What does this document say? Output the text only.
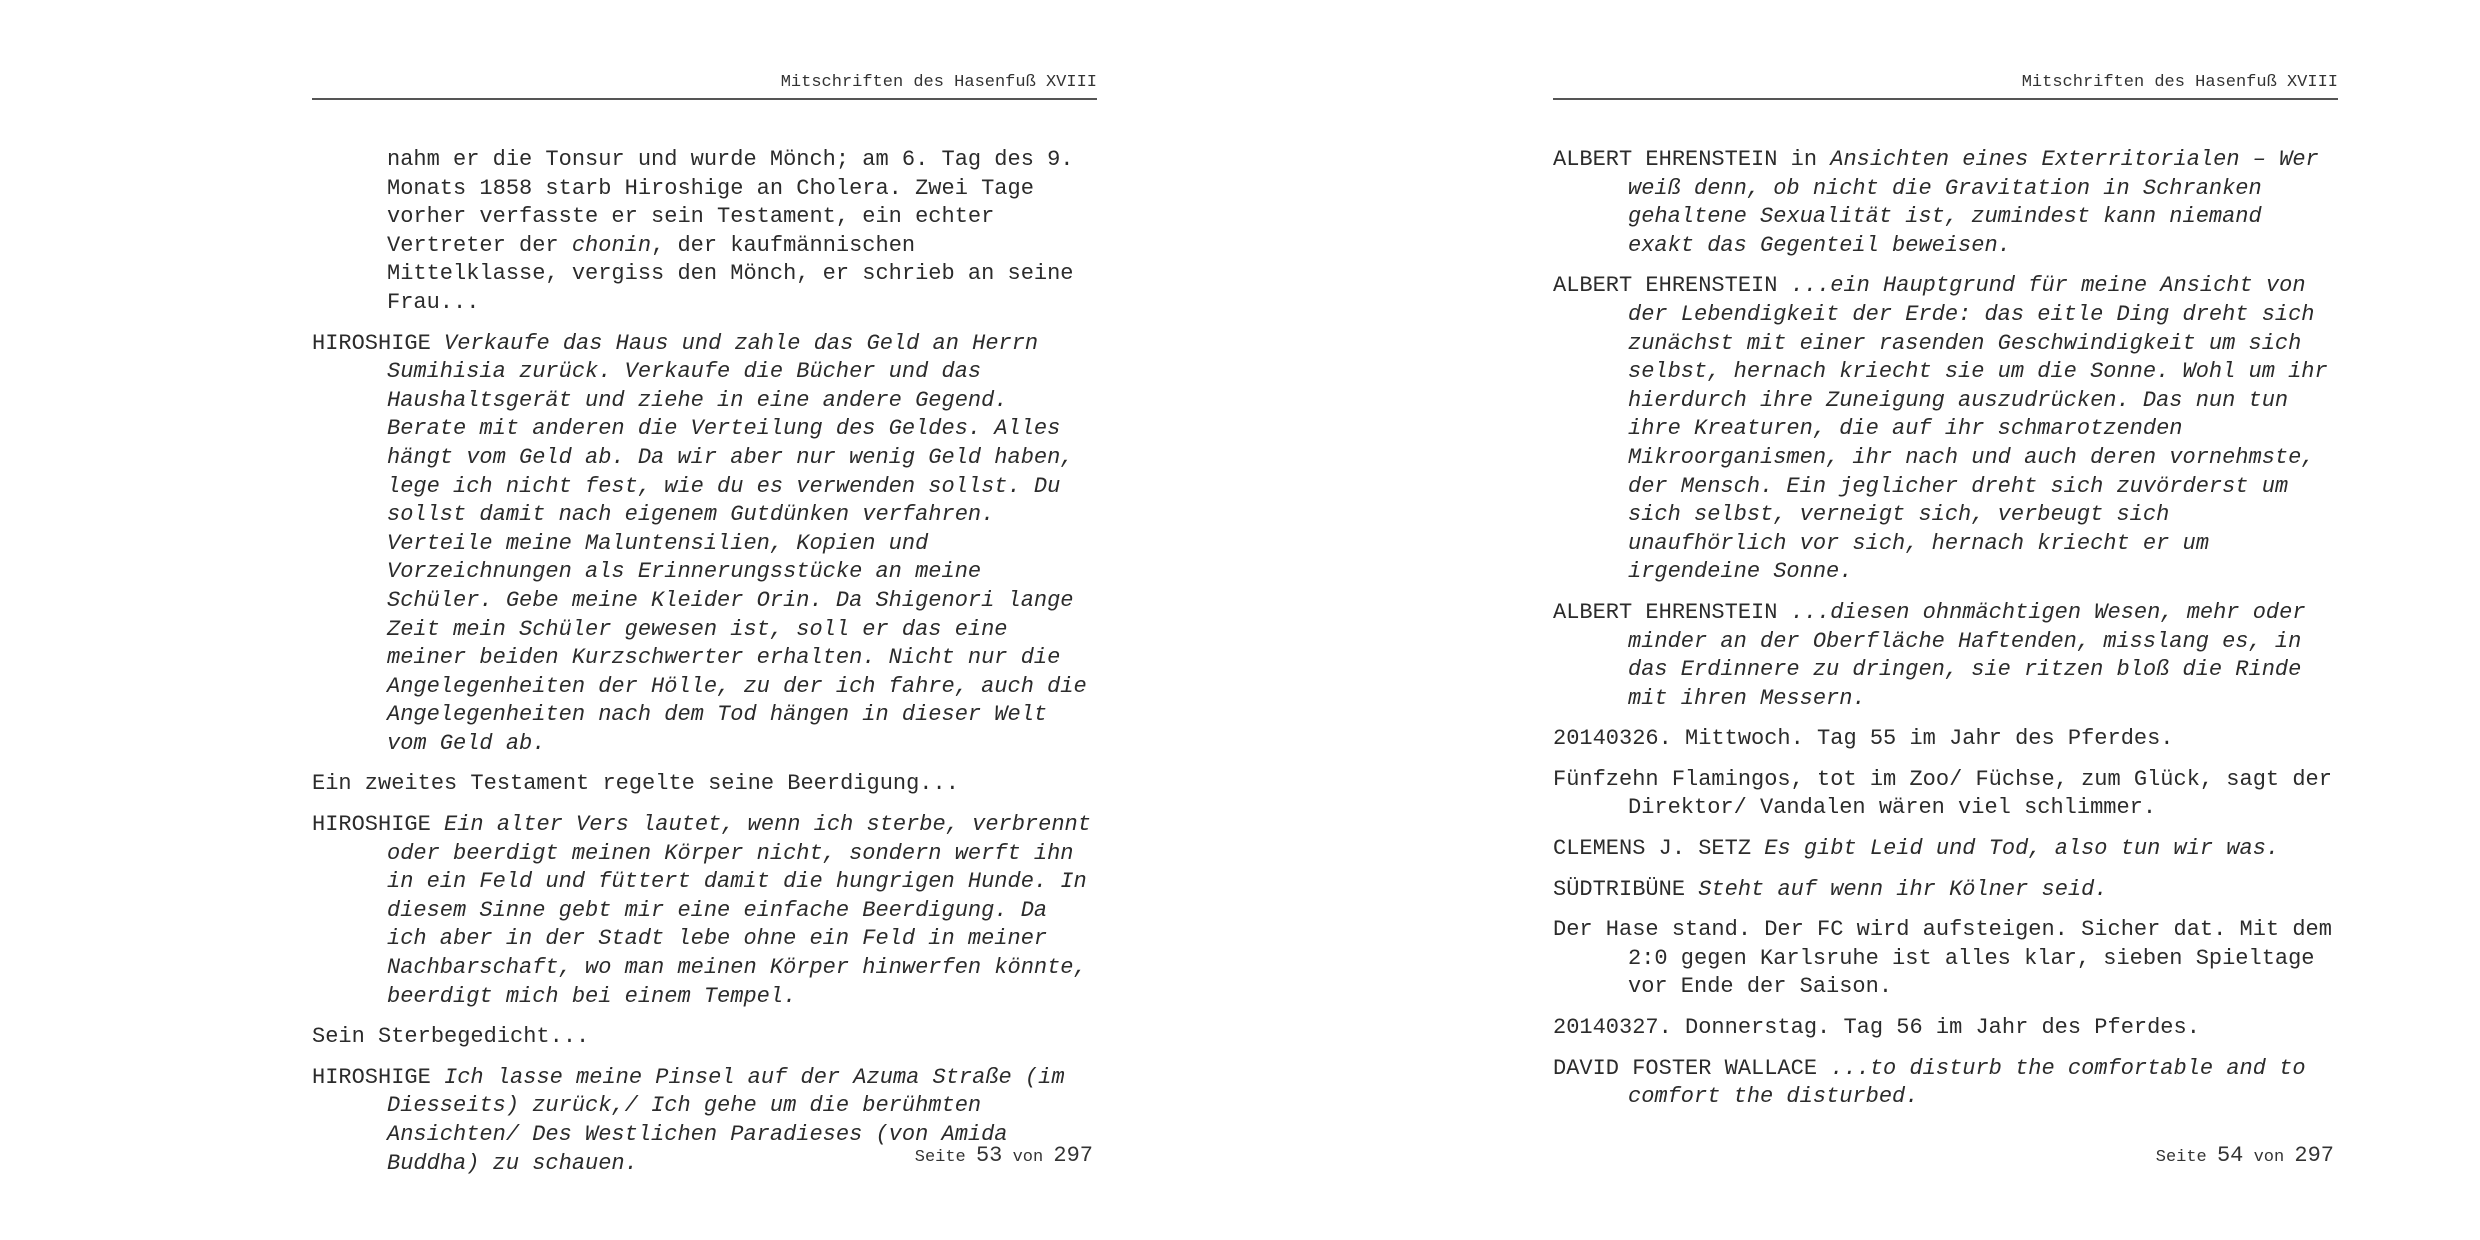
Mitschriften des Hasenfuß XVIII

nahm er die Tonsur und wurde Mönch; am 6. Tag des 9. Monats 1858 starb Hiroshige an Cholera. Zwei Tage vorher verfasste er sein Testament, ein echter Vertreter der chonin, der kaufmännischen Mittelklasse, vergiss den Mönch, er schrieb an seine Frau...

HIROSHIGE Verkaufe das Haus und zahle das Geld an Herrn Sumihisia zurück. Verkaufe die Bücher und das Haushaltsgerät und ziehe in eine andere Gegend. Berate mit anderen die Verteilung des Geldes. Alles hängt vom Geld ab. Da wir aber nur wenig Geld haben, lege ich nicht fest, wie du es verwenden sollst. Du sollst damit nach eigenem Gutdünken verfahren. Verteile meine Maluntensilien, Kopien und Vorzeichnungen als Erinnerungsstücke an meine Schüler. Gebe meine Kleider Orin. Da Shigenori lange Zeit mein Schüler gewesen ist, soll er das eine meiner beiden Kurzschwerter erhalten. Nicht nur die Angelegenheiten der Hölle, zu der ich fahre, auch die Angelegenheiten nach dem Tod hängen in dieser Welt vom Geld ab.

Ein zweites Testament regelte seine Beerdigung...

HIROSHIGE Ein alter Vers lautet, wenn ich sterbe, verbrennt oder beerdigt meinen Körper nicht, sondern werft ihn in ein Feld und füttert damit die hungrigen Hunde. In diesem Sinne gebt mir eine einfache Beerdigung. Da ich aber in der Stadt lebe ohne ein Feld in meiner Nachbarschaft, wo man meinen Körper hinwerfen könnte, beerdigt mich bei einem Tempel.

Sein Sterbegedicht...

HIROSHIGE Ich lasse meine Pinsel auf der Azuma Straße (im Diesseits) zurück,/ Ich gehe um die berühmten Ansichten/ Des Westlichen Paradieses (von Amida Buddha) zu schauen.	Seite 53 von 297
Mitschriften des Hasenfuß XVIII

ALBERT EHRENSTEIN in Ansichten eines Exterritorialen – Wer weiß denn, ob nicht die Gravitation in Schranken gehaltene Sexualität ist, zumindest kann niemand exakt das Gegenteil beweisen.

ALBERT EHRENSTEIN ...ein Hauptgrund für meine Ansicht von der Lebendigkeit der Erde: das eitle Ding dreht sich zunächst mit einer rasenden Geschwindigkeit um sich selbst, hernach kriecht sie um die Sonne. Wohl um ihr hierdurch ihre Zuneigung auszudrücken. Das nun tun ihre Kreaturen, die auf ihr schmarotzenden Mikroorganismen, ihr nach und auch deren vornehmste, der Mensch. Ein jeglicher dreht sich zuvörderst um sich selbst, verneigt sich, verbeugt sich unaufhörlich vor sich, hernach kriecht er um irgendeine Sonne.

ALBERT EHRENSTEIN ...diesen ohnmächtigen Wesen, mehr oder minder an der Oberfläche Haftenden, misslang es, in das Erdinnere zu dringen, sie ritzen bloß die Rinde mit ihren Messern.

20140326. Mittwoch. Tag 55 im Jahr des Pferdes.

Fünfzehn Flamingos, tot im Zoo/ Füchse, zum Glück, sagt der Direktor/ Vandalen wären viel schlimmer.

CLEMENS J. SETZ Es gibt Leid und Tod, also tun wir was.

SÜDTRIBÜNE Steht auf wenn ihr Kölner seid.

Der Hase stand. Der FC wird aufsteigen. Sicher dat. Mit dem 2:0 gegen Karlsruhe ist alles klar, sieben Spieltage vor Ende der Saison.

20140327. Donnerstag. Tag 56 im Jahr des Pferdes.

DAVID FOSTER WALLACE ...to disturb the comfortable and to comfort the disturbed.

Seite 54 von 297
